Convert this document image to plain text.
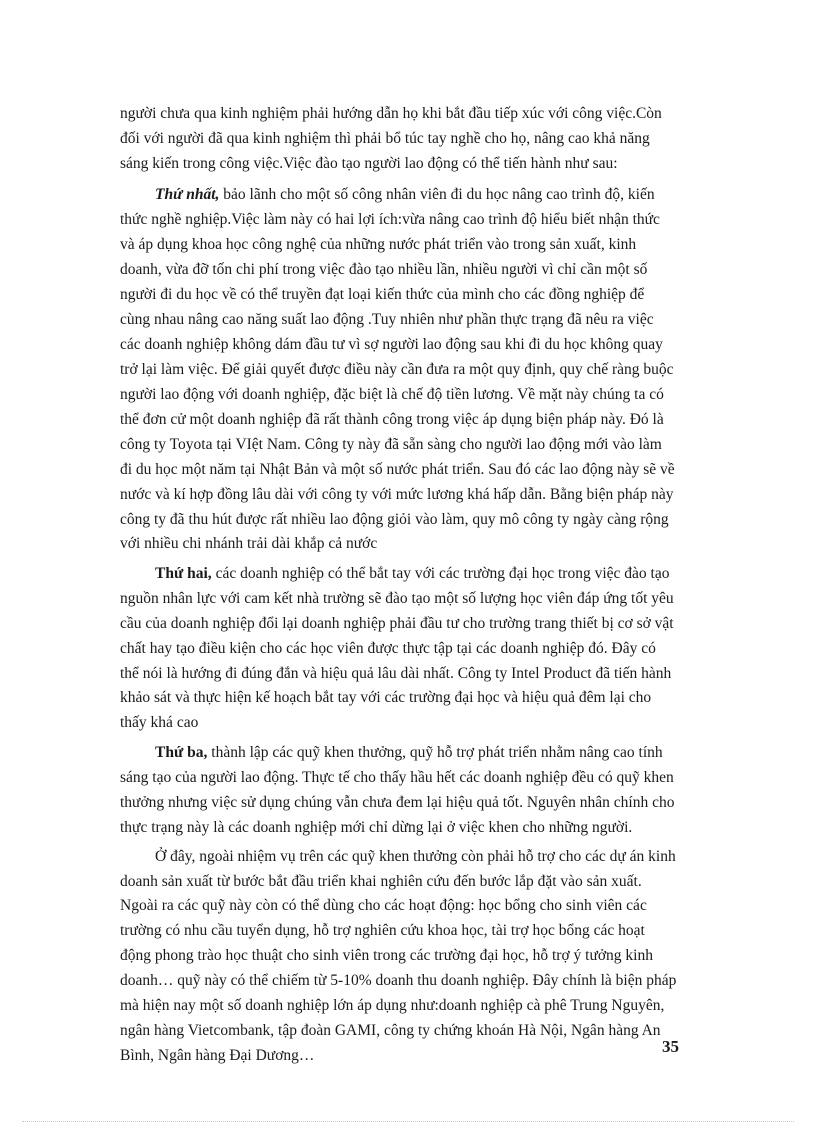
35
người chưa qua kinh nghiệm phải hướng dẫn họ khi bắt đầu tiếp xúc với công việc.Còn
đối với người đã qua kinh nghiệm thì phải bổ túc tay nghề cho họ, nâng cao khả năng
sáng kiến trong công việc.Việc đào tạo người lao động có thể tiến hành như sau:
Thứ nhất, bảo lãnh cho một số công nhân viên đi du học nâng cao trình độ, kiến
thức nghề nghiệp.Việc làm này có hai lợi ích:vừa nâng cao trình độ hiểu biết nhận thức
và áp dụng khoa học công nghệ của những nước phát triển vào trong sản xuất, kinh
doanh, vừa đỡ tốn chi phí trong việc đào tạo nhiều lần, nhiều người vì chỉ cần một số
người đi du học về có thể truyền đạt loại kiến thức của mình cho các đồng nghiệp để
cùng nhau nâng cao năng suất lao động .Tuy nhiên như phần thực trạng đã nêu ra việc
các doanh nghiệp không dám đầu tư vì sợ người lao động sau khi đi du học không quay
trở lại làm việc. Để giải quyết được điều này cần đưa ra một quy định, quy chế ràng buộc
người lao động với doanh nghiệp, đặc biệt là chế độ tiền lương. Về mặt này chúng ta có
thể đơn cử một doanh nghiệp đã rất thành công trong việc áp dụng biện pháp này. Đó là
công ty Toyota tại VIệt Nam. Công ty này đã sẵn sàng cho người lao động mới vào làm
đi du học một năm tại Nhật Bản và một số nước phát triển. Sau đó các lao động này sẽ về
nước và kí hợp đồng lâu dài với công ty với mức lương khá hấp dẫn. Bằng biện pháp này
công ty đã thu hút được rất nhiều lao động giỏi vào làm, quy mô công ty ngày càng rộng
với nhiều chi nhánh trải dài khắp cả nước
Thứ hai, các doanh nghiệp có thể bắt tay với các trường đại học trong việc đào tạo
nguồn nhân lực với cam kết nhà trường sẽ đào tạo một số lượng học viên đáp ứng tốt yêu
cầu của doanh nghiệp đổi lại doanh nghiệp phải đầu tư cho trường trang thiết bị cơ sở vật
chất hay tạo điều kiện cho các học viên được thực tập tại các doanh nghiệp đó. Đây có
thể nói là hướng đi đúng đắn và hiệu quả lâu dài nhất. Công ty Intel Product đã tiến hành
khảo sát và thực hiện kế hoạch bắt tay với các trường đại học và hiệu quả đêm lại cho
thấy khá cao
Thứ ba, thành lập các quỹ khen thưởng, quỹ hỗ trợ phát triển nhằm nâng cao tính
sáng tạo của người lao động. Thực tế cho thấy hầu hết các doanh nghiệp đều có quỹ khen
thưởng nhưng việc sử dụng chúng vẫn chưa đem lại hiệu quả tốt. Nguyên nhân chính cho
thực trạng này là các doanh nghiệp mới chỉ dừng lại ở việc khen cho những người.
Ở đây, ngoài nhiệm vụ trên các quỹ khen thưởng còn phải hỗ trợ cho các dự án kinh
doanh sản xuất từ bước bắt đầu triển khai nghiên cứu đến bước lắp đặt vào sản xuất.
Ngoài ra các quỹ này còn có thể dùng cho các hoạt động: học bổng cho sinh viên các
trường có nhu cầu tuyển dụng, hỗ trợ nghiên cứu khoa học, tài trợ học bổng các hoạt
động phong trào học thuật cho sinh viên trong các trường đại học, hỗ trợ ý tưởng kinh
doanh… quỹ này có thể chiếm từ 5-10% doanh thu doanh nghiệp. Đây chính là biện pháp
mà hiện nay một số doanh nghiệp lớn áp dụng như:doanh nghiệp cà phê Trung Nguyên,
ngân hàng Vietcombank, tập đoàn GAMI, công ty chứng khoán Hà Nội, Ngân hàng An
Bình, Ngân hàng Đại Dương…
